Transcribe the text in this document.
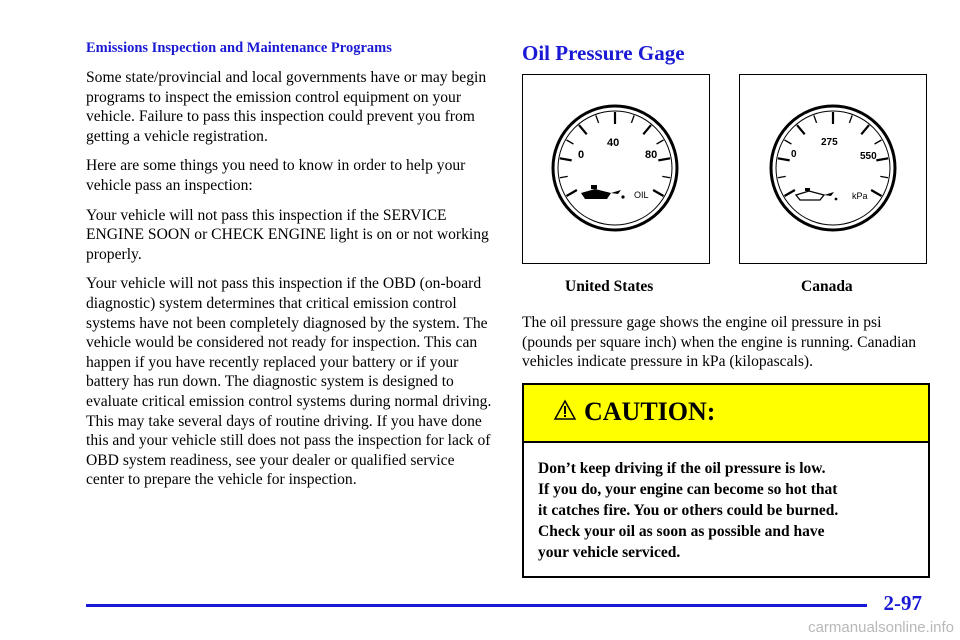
Emissions Inspection and Maintenance Programs

Some state/provincial and local governments have or may begin programs to inspect the emission control equipment on your vehicle. Failure to pass this inspection could prevent you from getting a vehicle registration.

Here are some things you need to know in order to help your vehicle pass an inspection:

Your vehicle will not pass this inspection if the SERVICE ENGINE SOON or CHECK ENGINE light is on or not working properly.

Your vehicle will not pass this inspection if the OBD (on‑board diagnostic) system determines that critical emission control systems have not been completely diagnosed by the system. The vehicle would be considered not ready for inspection. This can happen if you have recently replaced your battery or if your battery has run down. The diagnostic system is designed to evaluate critical emission control systems during normal driving. This may take several days of routine driving. If you have done this and your vehicle still does not pass the inspection for lack of OBD system readiness, see your dealer or qualified service center to prepare the vehicle for inspection.

Oil Pressure Gage
0
40
80
OIL
0
275
550
kPa
United States	Canada

The oil pressure gage shows the engine oil pressure in psi (pounds per square inch) when the engine is running. Canadian vehicles indicate pressure in kPa (kilopascals).

CAUTION:
Don’t keep driving if the oil pressure is low.
If you do, your engine can become so hot that
it catches fire. You or others could be burned.
Check your oil as soon as possible and have
your vehicle serviced.
2-97
carmanualsonline.info
